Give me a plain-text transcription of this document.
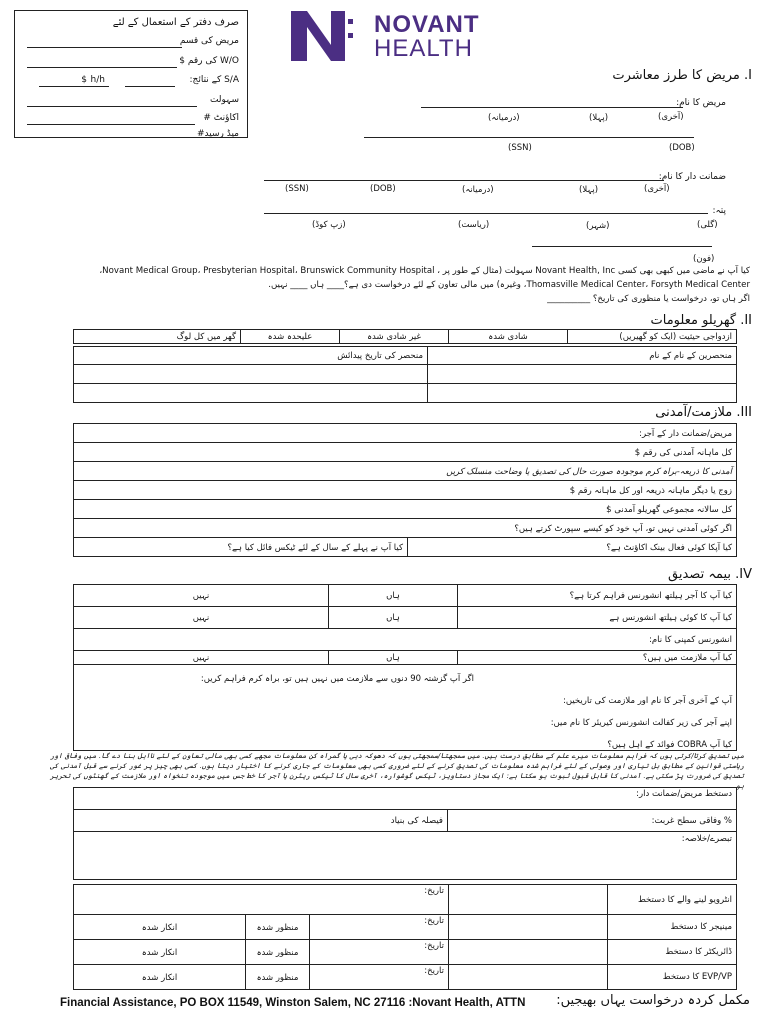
صرف دفتر کے استعمال کے لئے
مریض کی قسم
W/O کی رقم $
S/A کے نتائج:
h/h
$
سہولت
اکاؤنٹ #
میڈ رسید#
NOVANT
HEALTH
I. مریض کا طرز معاشرت
مریض کا نام:
(آخری)
(پہلا)
(درمیانہ)
(DOB)
(SSN)
ضمانت دار کا نام:
(آخری)
(پہلا)
(درمیانہ)
(DOB)
(SSN)
پتہ:
(گلی)
(شہر)
(ریاست)
(زپ کوڈ)
(فون)
کیا آپ نے ماضی میں کبھی بھی کسی Novant Health, Inc سہولت (مثال کے طور پر ، Novant Medical Group، Presbyterian Hospital، Brunswick Community Hospital،
Thomasville Medical Center، Forsyth Medical Center، وغیرہ) میں مالی تعاون کے لئے درخواست دی ہے؟____ ہاں ____ نہیں.
اگر ہاں تو، درخواست یا منظوری کی تاریخ؟ __________
II. گھریلو معلومات
ازدواجی حیثیت (ایک کو گھیریں)	شادی شدہ	غیر شادی شدہ	علیحدہ شدہ	گھر میں کل لوگ
منحصرین کے نام کے نام	منحصر کی تاریخ پیدائش

III. ملازمت/آمدنی
مریض/ضمانت دار کے آجر:
کل ماہانہ آمدنی کی رقم $
آمدنی کا ذریعہ-براہ کرم موجودہ صورت حال کی تصدیق یا وضاحت منسلک کریں
زوج یا دیگر ماہانہ ذریعہ اور کل ماہانہ رقم $
کل سالانہ مجموعی گھریلو آمدنی $
اگر کوئی آمدنی نہیں تو، آپ خود کو کیسے سپورٹ کرتے ہیں؟
کیا آپکا کوئی فعال بینک اکاؤنٹ ہے؟	کیا آپ نے پہلے کے سال کے لئے ٹیکس فائل کیا ہے؟
IV. بیمہ تصدیق
کیا آپ کا آجر ہیلتھ انشورنس فراہم کرتا ہے؟	ہاں	نہیں
کیا آپ کا کوئی ہیلتھ انشورنس ہے	ہاں	نہیں
انشورنس کمپنی کا نام:		
کیا آپ ملازمت میں ہیں؟	ہاں	نہیں
اگر آپ گزشتہ 90 دنوں سے ملازمت میں نہیں ہیں تو، براہ کرم فراہم کریں:
آپ کے آخری آجر کا نام اور ملازمت کی تاریخیں:
اپنے آجر کی زیر کفالت انشورنس کیریئر کا نام میں:
کیا آپ COBRA فوائد کے اہل ہیں؟
میں تصدیق کرتا/کرتی ہوں کہ فراہم معلومات میرے علم کے مطابق درست ہیں. میں سمجھتا/سمجھتی ہوں کہ دھوکہ دہی یا گمراہ کن معلومات مجھے کسی بھی مالی تعاون کے لئے نااہل بنا دے گا. میں وفاقی اور ریاستی قوانین کے مطابق بل تیاری اور وصولی کے لئے فراہم شدہ معلومات کی تصدیق کرنے کے لئے ضروری کسی بھی معلومات کے جاری کرنے کا اختیار دیتا ہوں. کسی بھی چیز پر غور کرنے سے قبل آمدنی کی تصدیق کی ضرورت پڑ سکتی ہے. آمدنی کا قابل قبول ثبوت ہو سکتا ہے: ایک مجاز دستاویز، ٹیکس گوشوارہ، آخری سال کا ٹیکس ریٹرن یا آجر کا خط جس میں موجودہ تنخواہ اور ملازمت کے گھنٹوں کی تحریر ہو.
دستخط مریض/ضمانت دار:
% وفاقی سطح غربت:	فیصلہ کی بنیاد
تبصرے/خلاصہ:
انٹرویو لینے والے کا دستخط		تاریخ:		
مینیجر کا دستخط		تاریخ:	منظور شدہ	انکار شدہ
ڈائریکٹر کا دستخط		تاریخ:	منظور شدہ	انکار شدہ
EVP/VP کا دستخط		تاریخ:	منظور شدہ	انکار شدہ
Financial Assistance, PO BOX 11549, Winston Salem, NC 27116 :Novant Health, ATTN مکمل کردہ درخواست یہاں بھیجیں:
